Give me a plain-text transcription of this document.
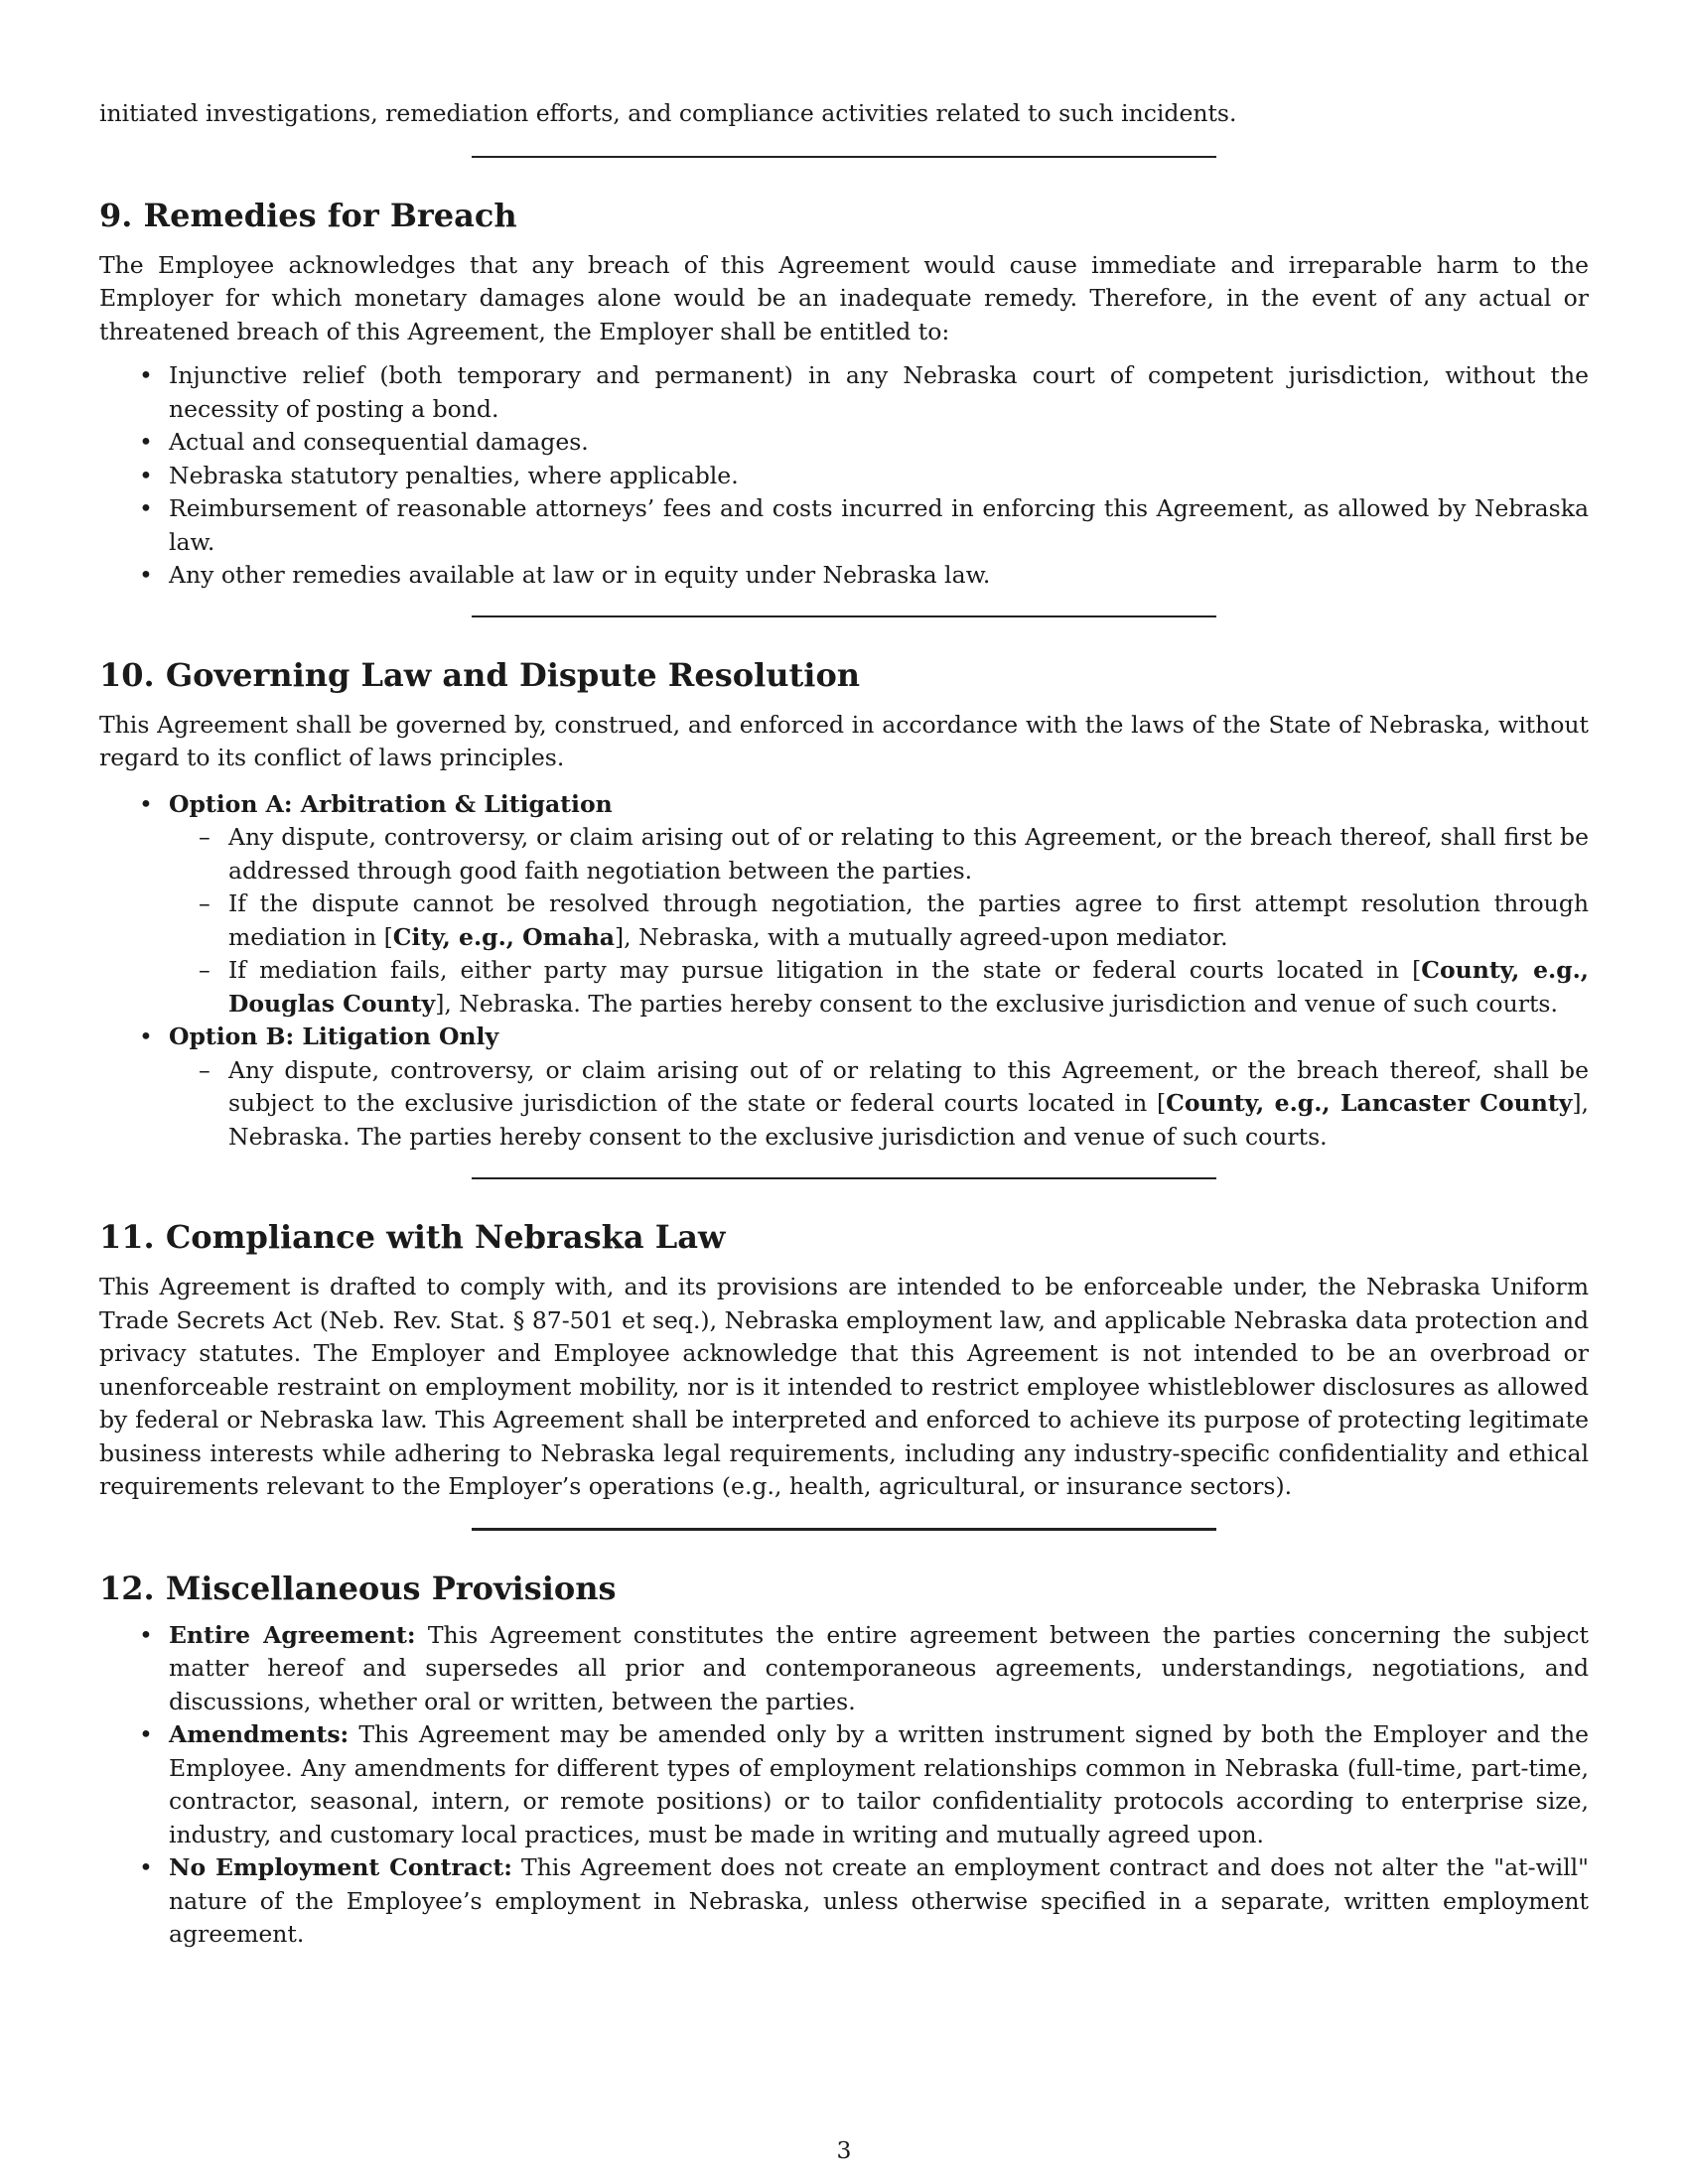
initiated investigations, remediation efforts, and compliance activities related to such incidents.

9. Remedies for Breach

The Employee acknowledges that any breach of this Agreement would cause immediate and irreparable harm to the Employer for which monetary damages alone would be an inadequate remedy. Therefore, in the event of any actual or threatened breach of this Agreement, the Employer shall be entitled to:

• Injunctive relief (both temporary and permanent) in any Nebraska court of competent jurisdiction, without the necessity of posting a bond.
• Actual and consequential damages.
• Nebraska statutory penalties, where applicable.
• Reimbursement of reasonable attorneys’ fees and costs incurred in enforcing this Agreement, as allowed by Nebraska law.
• Any other remedies available at law or in equity under Nebraska law.
10. Governing Law and Dispute Resolution

This Agreement shall be governed by, construed, and enforced in accordance with the laws of the State of Nebraska, without regard to its conflict of laws principles.

• Option A: Arbitration & Litigation
– Any dispute, controversy, or claim arising out of or relating to this Agreement, or the breach thereof, shall first be addressed through good faith negotiation between the parties.
– If the dispute cannot be resolved through negotiation, the parties agree to first attempt resolution through mediation in [City, e.g., Omaha], Nebraska, with a mutually agreed-upon mediator.
– If mediation fails, either party may pursue litigation in the state or federal courts located in [County, e.g., Douglas County], Nebraska. The parties hereby consent to the exclusive jurisdiction and venue of such courts.
• Option B: Litigation Only
– Any dispute, controversy, or claim arising out of or relating to this Agreement, or the breach thereof, shall be subject to the exclusive jurisdiction of the state or federal courts located in [County, e.g., Lancaster County], Nebraska. The parties hereby consent to the exclusive jurisdiction and venue of such courts.
11. Compliance with Nebraska Law

This Agreement is drafted to comply with, and its provisions are intended to be enforceable under, the Nebraska Uniform Trade Secrets Act (Neb. Rev. Stat. § 87-501 et seq.), Nebraska employment law, and applicable Nebraska data protection and privacy statutes. The Employer and Employee acknowledge that this Agreement is not intended to be an overbroad or unenforceable restraint on employment mobility, nor is it intended to restrict employee whistleblower disclosures as allowed by federal or Nebraska law. This Agreement shall be interpreted and enforced to achieve its purpose of protecting legitimate business interests while adhering to Nebraska legal requirements, including any industry-specific confidentiality and ethical requirements relevant to the Employer’s operations (e.g., health, agricultural, or insurance sectors).

12. Miscellaneous Provisions
• Entire Agreement: This Agreement constitutes the entire agreement between the parties concerning the subject matter hereof and supersedes all prior and contemporaneous agreements, understandings, negotiations, and discussions, whether oral or written, between the parties.
• Amendments: This Agreement may be amended only by a written instrument signed by both the Employer and the Employee. Any amendments for different types of employment relationships common in Nebraska (full-time, part-time, contractor, seasonal, intern, or remote positions) or to tailor confidentiality protocols according to enterprise size, industry, and customary local practices, must be made in writing and mutually agreed upon.
• No Employment Contract: This Agreement does not create an employment contract and does not alter the "at-will" nature of the Employee’s employment in Nebraska, unless otherwise specified in a separate, written employment agreement.
3
